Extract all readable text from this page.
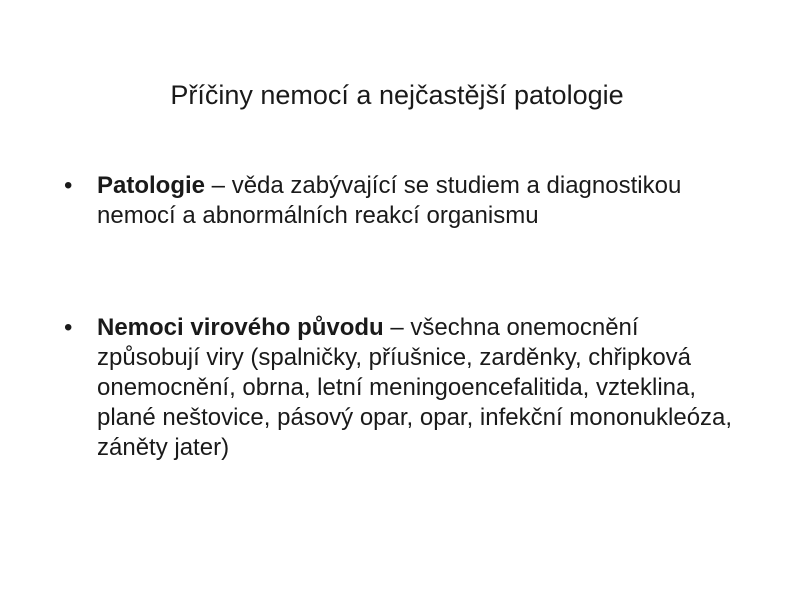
Příčiny nemocí a nejčastější patologie
•	Patologie – věda zabývající se studiem a diagnostikou nemocí a abnormálních reakcí organismu
•	Nemoci virového původu – všechna onemocnění způsobují viry (spalničky, příušnice, zarděnky, chřipková onemocnění, obrna, letní meningoencefalitida, vzteklina, plané neštovice, pásový opar, opar, infekční mononukleóza, záněty jater)
